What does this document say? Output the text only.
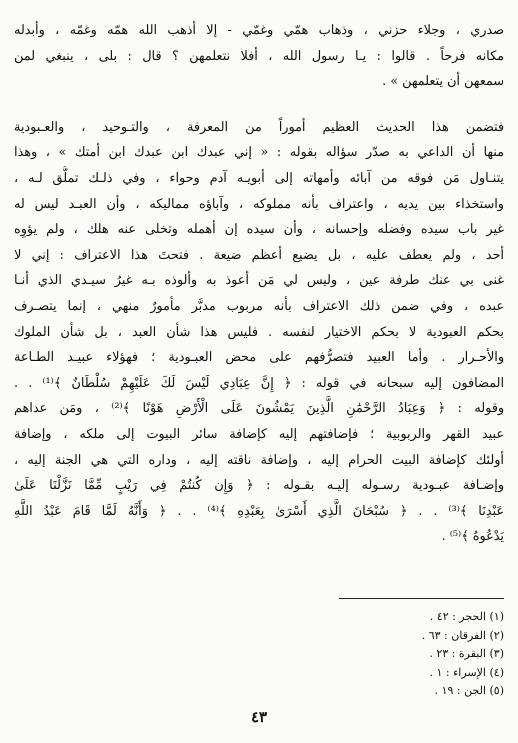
صدري ، وجلاء حزني ، وذهاب همّي وغمّي - إلا أذهب الله همّه وغمّه ، وأبدله
مكانه فرحاً . قالوا : يـا رسول الله ، أفلا نتعلمهن ؟ قال : بلى ، ينبغي لمن
سمعهن أن يتعلمهن » .
فتضمن هذا الحديث العظيم أموراً من المعرفة ، والتـوحيد ، والعـبودية
منها أن الداعي به صدّر سؤاله بقوله : « إني عبدك ابن عبدك ابن أمتك » ، وهذا
يتنـاول مَن فوقه من آبائه وأمهاته إلى أبويـه آدم وحواء ، وفي ذلـك تملُّق لـه ،
واستخذاء بين يديه ، واعتراف بأنه مملوكه ، وآباؤه مماليكه ، وأن العبـد ليس له
غير باب سيده وفضله وإحسانه ، وأن سيده إن أهمله وتخلى عنه هلك ، ولم يؤوِه
أحد ، ولم يعطف عليه ، بل يضيع أعظم ضيعة . فتحتَ هذا الاعتراف : إني لا
غنى بي عنك طرفة عين ، وليس لي مَن أعوذ به وألوذه بـه غيرُ سيـدي الذي أنـا
عبده ، وفي ضمن ذلك الاعتراف بأنه مربوب مدبَّر مأمورٌ منهي ، إنما يتصـرف
بحكم العبودية لا بحكم الاختيار لنفسه . فليس هذا شأن العبد ، بل شأن الملوك
والأحـرار . وأما العبيد فتصرُّفهم على محض العبـودية ؛ فهؤلاء عبيـد الطـاعة
المضافون إليه سبحانه في قوله : ﴿ إِنَّ عِبَادِي لَيْسَ لَكَ عَلَيْهِمْ سُلْطَانٌ ﴾⁽¹⁾ . .
وقوله : ﴿ وَعِبَادُ الرَّحْمَٰنِ الَّذِينَ يَمْشُونَ عَلَى الْأَرْضِ هَوْنًا ﴾⁽²⁾ ، ومَن عداهم
عبيد القهر والربوبية ؛ فإضافتهم إليه كإضافة سائر البيوت إلى ملكه ، وإضافة
أولئك كإضافة البيت الحرام إليه ، وإضافة ناقته إليه ، وداره التي هي الجنة إليه ،
وإضـافة عبـودية رسـوله إليـه بقـوله : ﴿ وَإِن كُنتُمْ فِي رَيْبٍ مِّمَّا نَزَّلْنَا عَلَىٰ
عَبْدِنَا ﴾⁽³⁾ . . ﴿ سُبْحَانَ الَّذِي أَسْرَىٰ بِعَبْدِهِ ﴾⁽⁴⁾ . . ﴿ وَأَنَّهُ لَمَّا قَامَ عَبْدُ اللَّهِ
يَدْعُوهُ ﴾⁽⁵⁾ .
(١) الحجر : ٤٢ .
(٢) الفرقان : ٦٣ .
(٣) البقرة : ٢٣ .
(٤) الإسراء : ١ .
(٥) الجن : ١٩ .
٤٣
